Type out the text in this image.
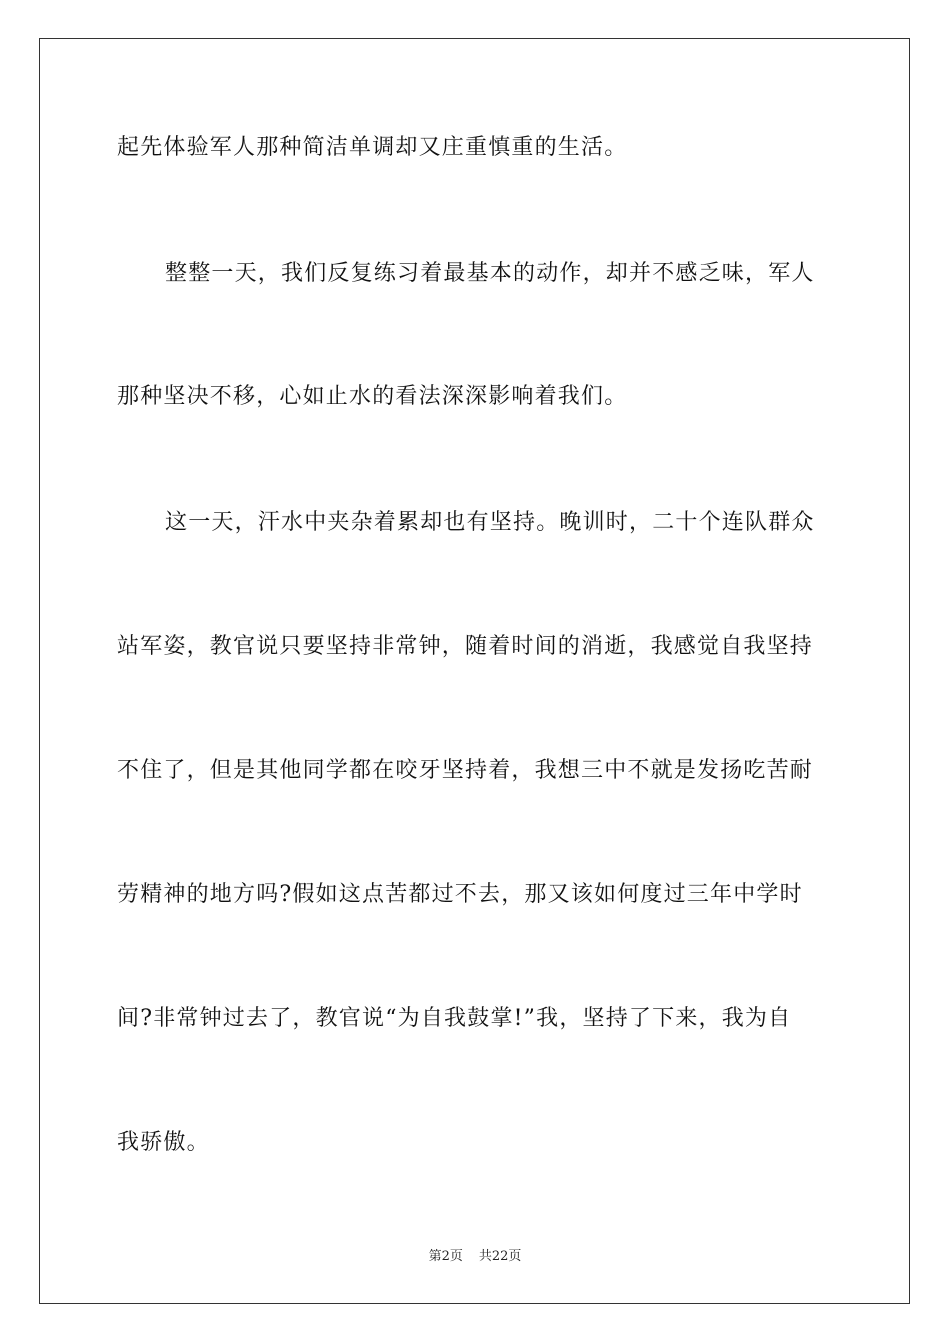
起先体验军人那种简洁单调却又庄重慎重的生活。
整整一天，我们反复练习着最基本的动作，却并不感乏味，军人
那种坚决不移，心如止水的看法深深影响着我们。
这一天，汗水中夹杂着累却也有坚持。晚训时，二十个连队群众
站军姿，教官说只要坚持非常钟，随着时间的消逝，我感觉自我坚持
不住了，但是其他同学都在咬牙坚持着，我想三中不就是发扬吃苦耐
劳精神的地方吗?假如这点苦都过不去，那又该如何度过三年中学时
间?非常钟过去了，教官说“为自我鼓掌!”我，坚持了下来，我为自
我骄傲。
第2页 共22页
